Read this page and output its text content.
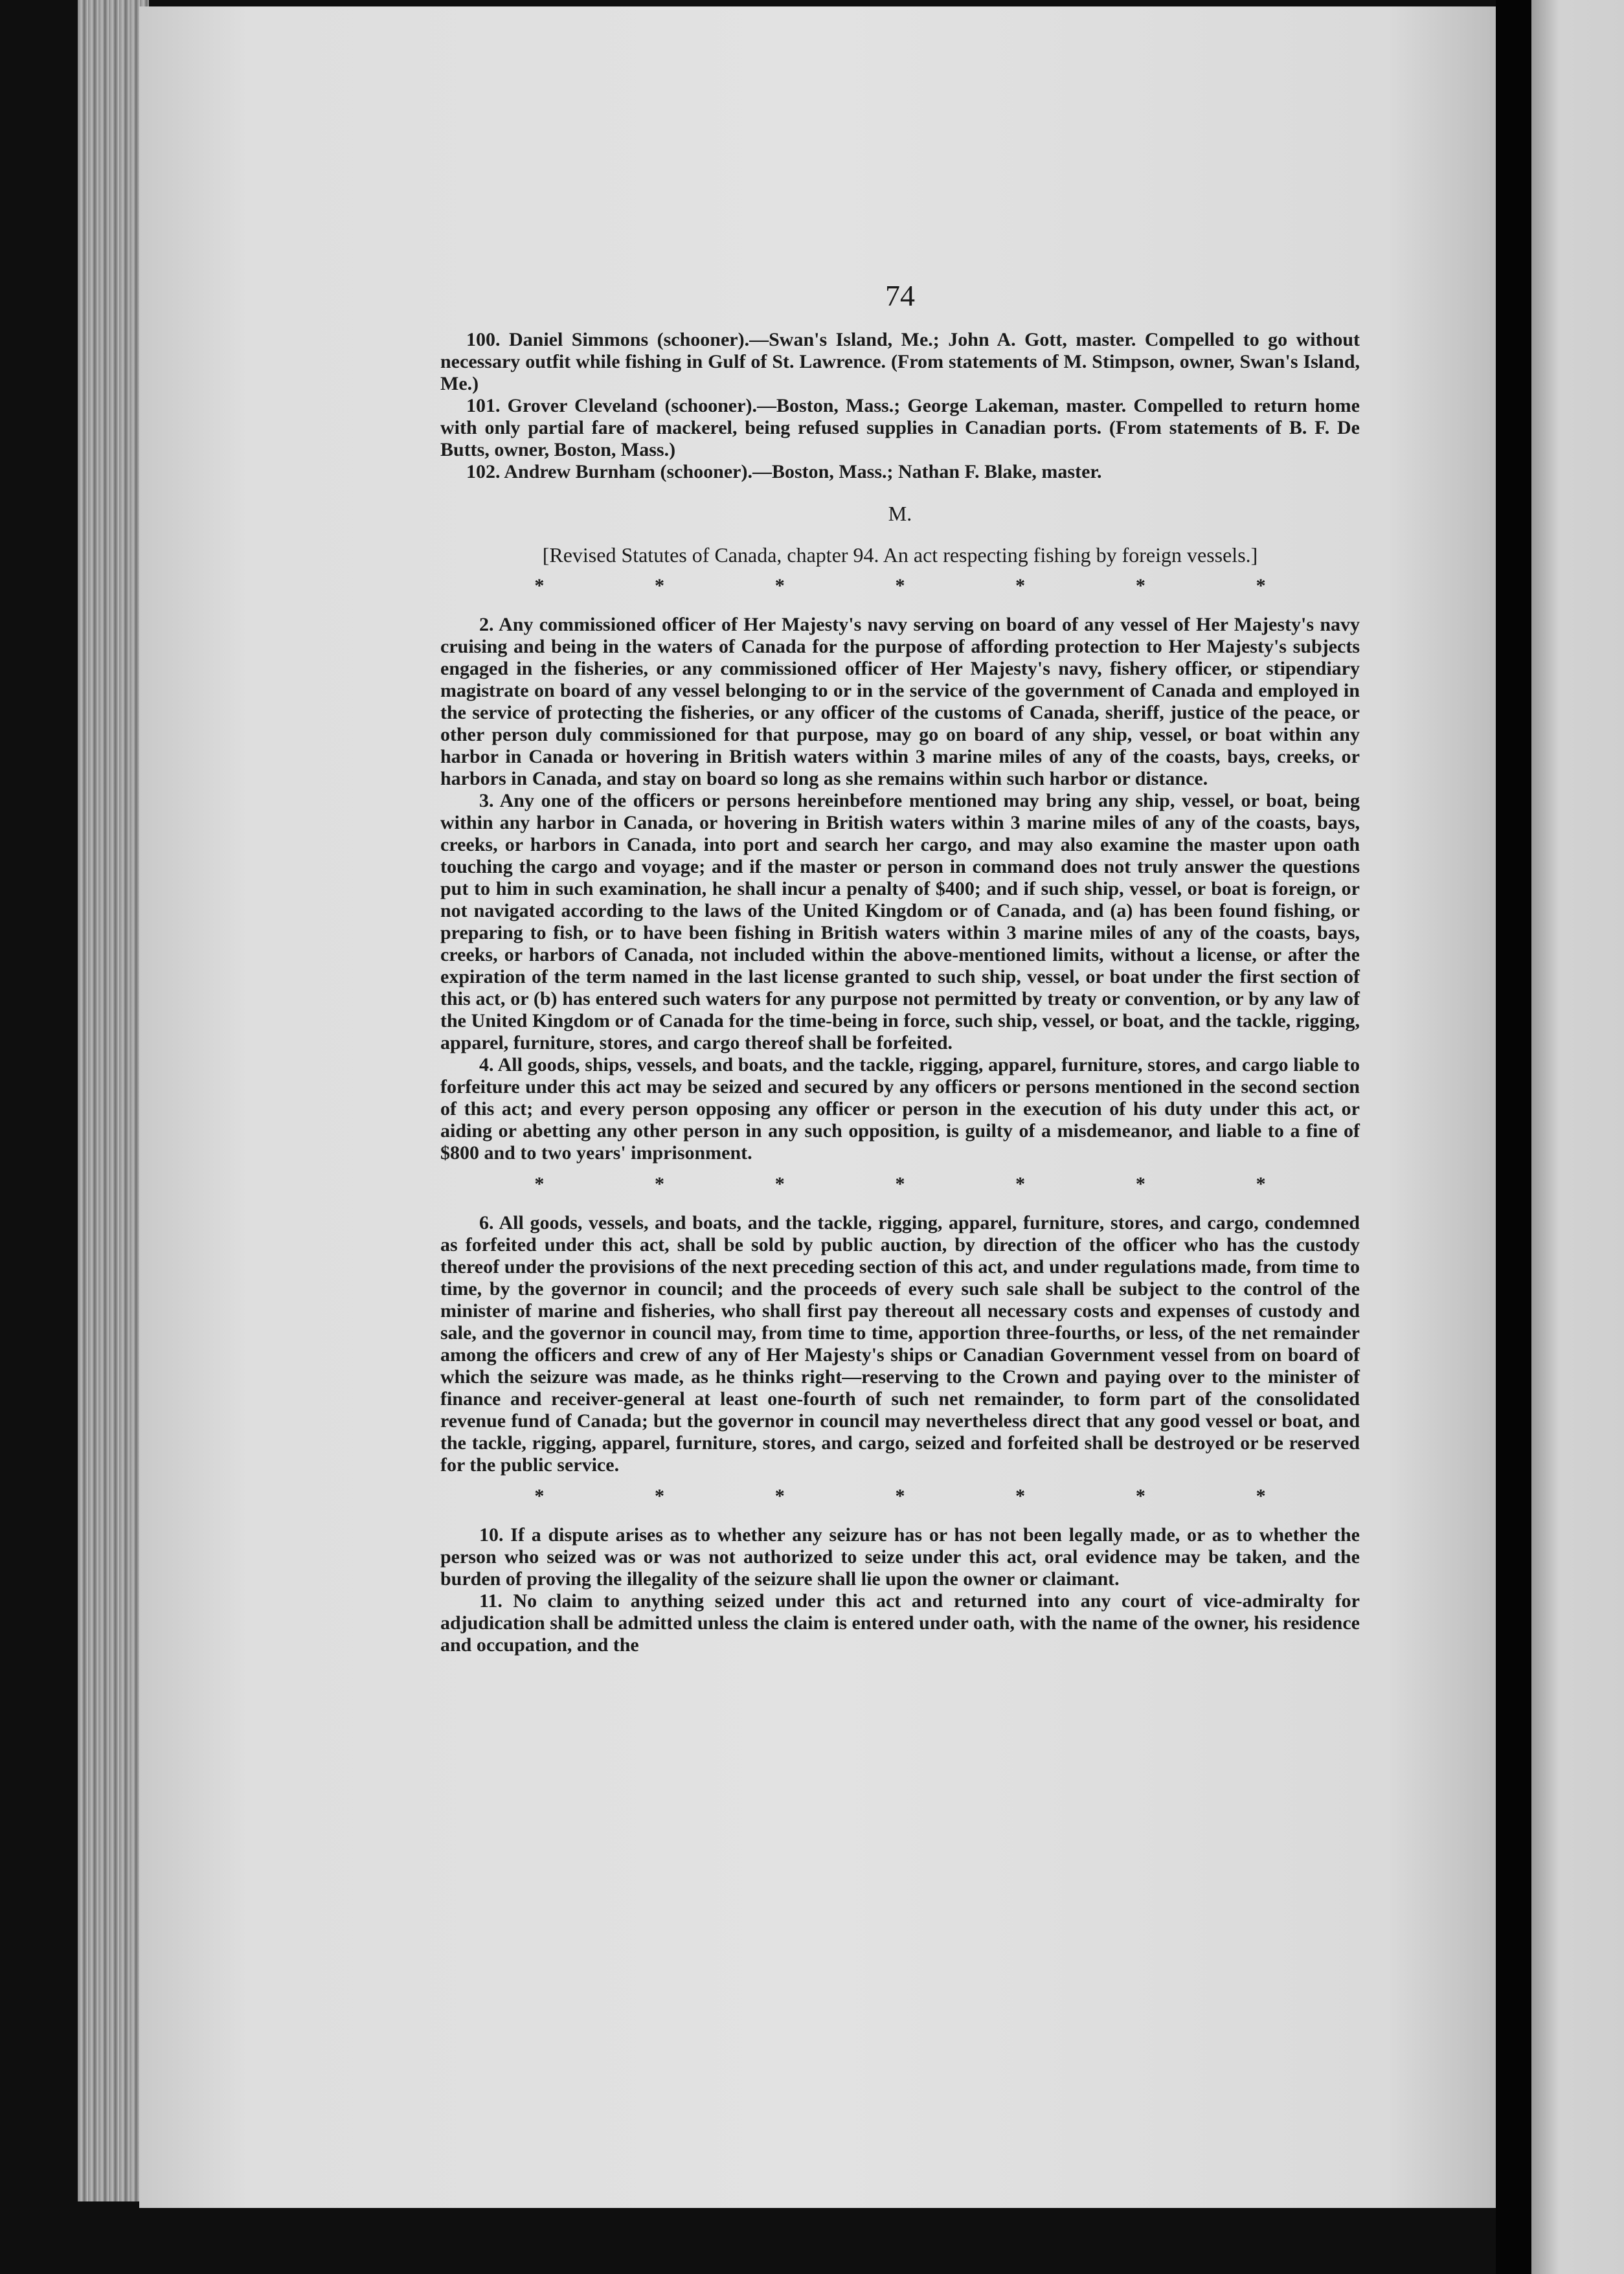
74

100. Daniel Simmons (schooner).—Swan's Island, Me.; John A. Gott, master. Compelled to go without necessary outfit while fishing in Gulf of St. Lawrence. (From statements of M. Stimpson, owner, Swan's Island, Me.)

101. Grover Cleveland (schooner).—Boston, Mass.; George Lakeman, master. Compelled to return home with only partial fare of mackerel, being refused supplies in Canadian ports. (From statements of B. F. De Butts, owner, Boston, Mass.)

102. Andrew Burnham (schooner).—Boston, Mass.; Nathan F. Blake, master.

M.
[Revised Statutes of Canada, chapter 94. An act respecting fishing by foreign vessels.]
*	*	*	*	*	*	*

2. Any commissioned officer of Her Majesty's navy serving on board of any vessel of Her Majesty's navy cruising and being in the waters of Canada for the purpose of affording protection to Her Majesty's subjects engaged in the fisheries, or any commissioned officer of Her Majesty's navy, fishery officer, or stipendiary magistrate on board of any vessel belonging to or in the service of the government of Canada and employed in the service of protecting the fisheries, or any officer of the customs of Canada, sheriff, justice of the peace, or other person duly commissioned for that purpose, may go on board of any ship, vessel, or boat within any harbor in Canada or hovering in British waters within 3 marine miles of any of the coasts, bays, creeks, or harbors in Canada, and stay on board so long as she remains within such harbor or distance.

3. Any one of the officers or persons hereinbefore mentioned may bring any ship, vessel, or boat, being within any harbor in Canada, or hovering in British waters within 3 marine miles of any of the coasts, bays, creeks, or harbors in Canada, into port and search her cargo, and may also examine the master upon oath touching the cargo and voyage; and if the master or person in command does not truly answer the questions put to him in such examination, he shall incur a penalty of $400; and if such ship, vessel, or boat is foreign, or not navigated according to the laws of the United Kingdom or of Canada, and (a) has been found fishing, or preparing to fish, or to have been fishing in British waters within 3 marine miles of any of the coasts, bays, creeks, or harbors of Canada, not included within the above-mentioned limits, without a license, or after the expiration of the term named in the last license granted to such ship, vessel, or boat under the first section of this act, or (b) has entered such waters for any purpose not permitted by treaty or convention, or by any law of the United Kingdom or of Canada for the time-being in force, such ship, vessel, or boat, and the tackle, rigging, apparel, furniture, stores, and cargo thereof shall be forfeited.

4. All goods, ships, vessels, and boats, and the tackle, rigging, apparel, furniture, stores, and cargo liable to forfeiture under this act may be seized and secured by any officers or persons mentioned in the second section of this act; and every person opposing any officer or person in the execution of his duty under this act, or aiding or abetting any other person in any such opposition, is guilty of a misdemeanor, and liable to a fine of $800 and to two years' imprisonment.

*	*	*	*	*	*	*

6. All goods, vessels, and boats, and the tackle, rigging, apparel, furniture, stores, and cargo, condemned as forfeited under this act, shall be sold by public auction, by direction of the officer who has the custody thereof under the provisions of the next preceding section of this act, and under regulations made, from time to time, by the governor in council; and the proceeds of every such sale shall be subject to the control of the minister of marine and fisheries, who shall first pay thereout all necessary costs and expenses of custody and sale, and the governor in council may, from time to time, apportion three-fourths, or less, of the net remainder among the officers and crew of any of Her Majesty's ships or Canadian Government vessel from on board of which the seizure was made, as he thinks right—reserving to the Crown and paying over to the minister of finance and receiver-general at least one-fourth of such net remainder, to form part of the consolidated revenue fund of Canada; but the governor in council may nevertheless direct that any good vessel or boat, and the tackle, rigging, apparel, furniture, stores, and cargo, seized and forfeited shall be destroyed or be reserved for the public service.

*	*	*	*	*	*	*

10. If a dispute arises as to whether any seizure has or has not been legally made, or as to whether the person who seized was or was not authorized to seize under this act, oral evidence may be taken, and the burden of proving the illegality of the seizure shall lie upon the owner or claimant.

11. No claim to anything seized under this act and returned into any court of vice-admiralty for adjudication shall be admitted unless the claim is entered under oath, with the name of the owner, his residence and occupation, and the
